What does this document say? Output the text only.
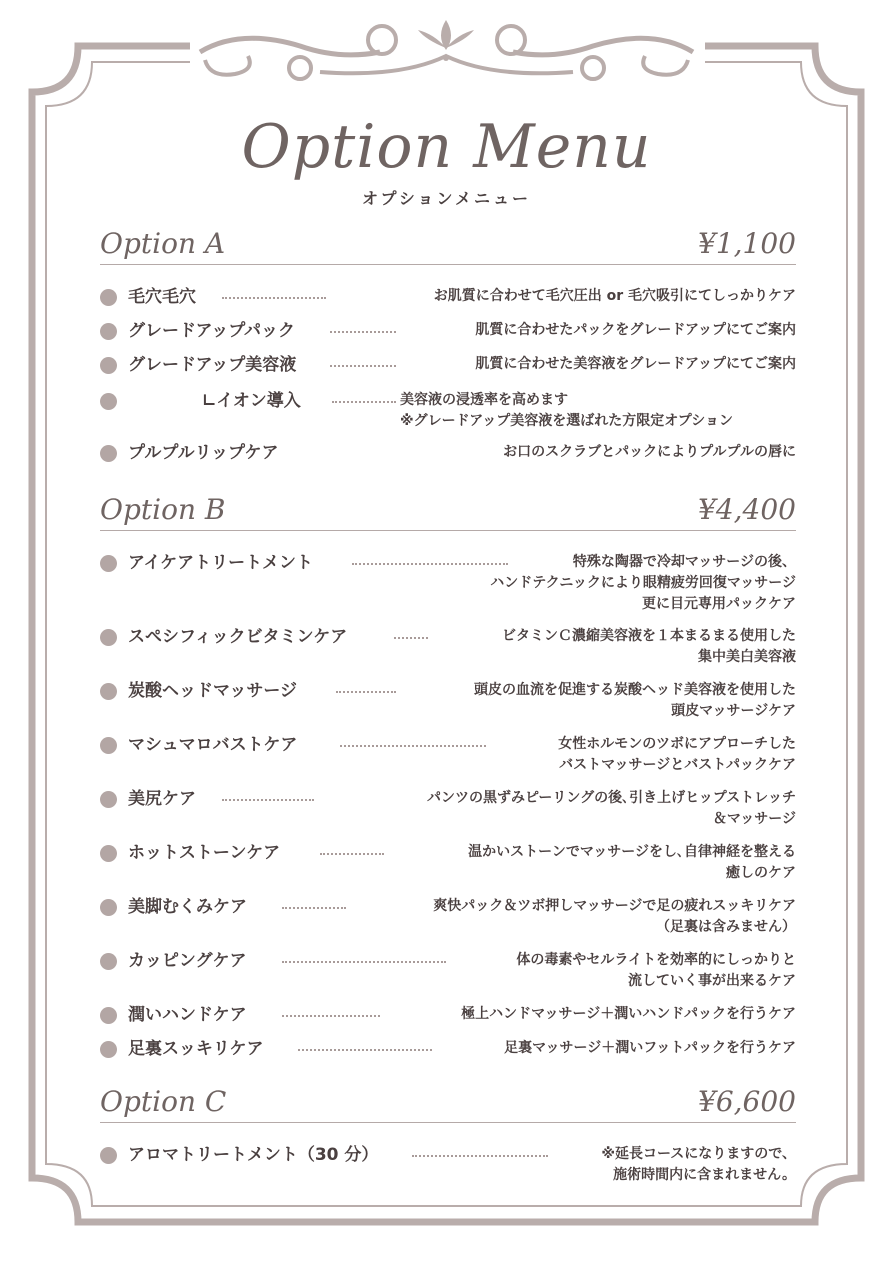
Option Menu
オプションメニュー
Option A	¥1,100
毛穴毛穴	お肌質に合わせて毛穴圧出 or 毛穴吸引にてしっかりケア
グレードアップパック	肌質に合わせたパックをグレードアップにてご案内
グレードアップ美容液	肌質に合わせた美容液をグレードアップにてご案内
∟イオン導入	美容液の浸透率を高めます
※グレードアップ美容液を選ばれた方限定オプション
プルプルリップケア	お口のスクラブとパックによりプルプルの唇に
Option B	¥4,400
アイケアトリートメント	特殊な陶器で冷却マッサージの後、
ハンドテクニックにより眼精疲労回復マッサージ
更に目元専用パックケア
スペシフィックビタミンケア	ビタミンＣ濃縮美容液を１本まるまる使用した
集中美白美容液
炭酸ヘッドマッサージ	頭皮の血流を促進する炭酸ヘッド美容液を使用した
頭皮マッサージケア
マシュマロバストケア	女性ホルモンのツボにアプローチした
バストマッサージとバストパックケア
美尻ケア	パンツの黒ずみピーリングの後､引き上げヒップストレッチ
＆マッサージ
ホットストーンケア	温かいストーンでマッサージをし､自律神経を整える
癒しのケア
美脚むくみケア	爽快パック＆ツボ押しマッサージで足の疲れスッキリケア
（足裏は含みません）
カッピングケア	体の毒素やセルライトを効率的にしっかりと
流していく事が出来るケア
潤いハンドケア	極上ハンドマッサージ＋潤いハンドパックを行うケア
足裏スッキリケア	足裏マッサージ＋潤いフットパックを行うケア
Option C	¥6,600
アロマトリートメント（30 分）	※延長コースになりますので、
施術時間内に含まれません。
